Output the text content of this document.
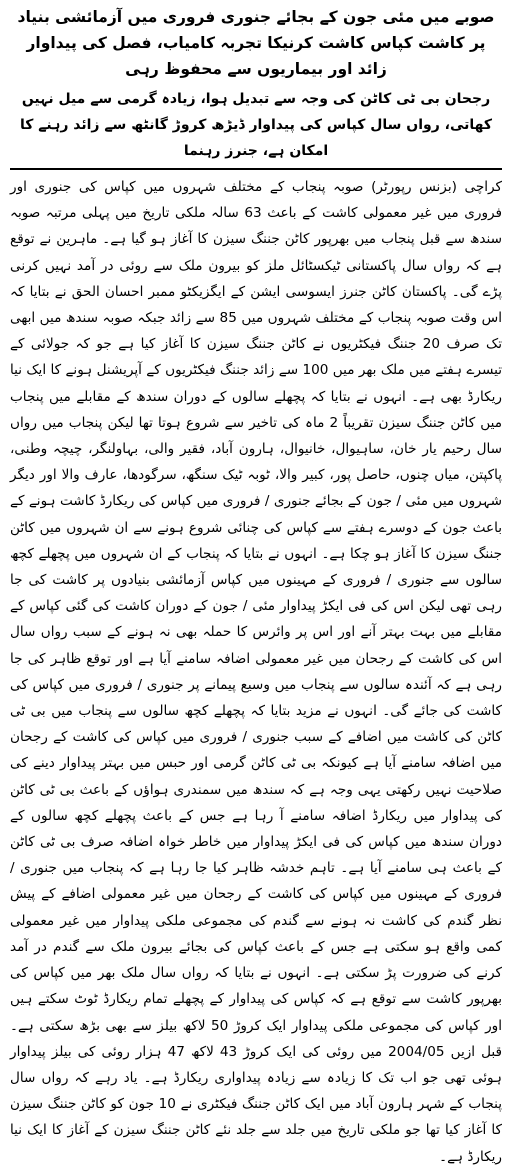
صوبے میں مئی جون کے بجائے جنوری فروری میں آزمائشی بنیاد پر کاشت کپاس کاشت کرنیکا تجربہ کامیاب، فصل کی پیداوار زائد اور بیماریوں سے محفوظ رہی
رجحان بی ٹی کاٹن کی وجہ سے تبدیل ہوا، زیادہ گرمی سے میل نہیں کھاتی، رواں سال کپاس کی پیداوار ڈیڑھ کروڑ گانٹھ سے زائد رہنے کا امکان ہے، جنرز رہنما

کراچی (بزنس رپورٹر) صوبہ پنجاب کے مختلف شہروں میں کپاس کی جنوری اور فروری میں غیر معمولی کاشت کے باعث 63 سالہ ملکی تاریخ میں پہلی مرتبہ صوبہ سندھ سے قبل پنجاب میں بھرپور کاٹن جننگ سیزن کا آغاز ہو گیا ہے۔ ماہرین نے توقع ہے کہ رواں سال پاکستانی ٹیکسٹائل ملز کو بیرون ملک سے روئی در آمد نہیں کرنی پڑے گی۔ پاکستان کاٹن جنرز ایسوسی ایشن کے ایگزیکٹو ممبر احسان الحق نے بتایا کہ اس وقت صوبہ پنجاب کے مختلف شہروں میں 85 سے زائد جبکہ صوبہ سندھ میں ابھی تک صرف 20 جننگ فیکٹریوں نے کاٹن جننگ سیزن کا آغاز کیا ہے جو کہ جولائی کے تیسرے ہفتے میں ملک بھر میں 100 سے زائد جننگ فیکٹریوں کے آپریشنل ہونے کا ایک نیا ریکارڈ بھی ہے۔ انہوں نے بتایا کہ پچھلے سالوں کے دوران سندھ کے مقابلے میں پنجاب میں کاٹن جننگ سیزن تقریباً 2 ماہ کی تاخیر سے شروع ہوتا تھا لیکن پنجاب میں رواں سال رحیم یار خان، ساہیوال، خانیوال، ہارون آباد، فقیر والی، بہاولنگر، چیچہ وطنی، پاکپتن، میاں چنوں، حاصل پور، کبیر والا، ٹوبہ ٹیک سنگھ، سرگودھا، عارف والا اور دیگر شہروں میں مئی / جون کے بجائے جنوری / فروری میں کپاس کی ریکارڈ کاشت ہونے کے باعث جون کے دوسرے ہفتے سے کپاس کی چنائی شروع ہونے سے ان شہروں میں کاٹن جننگ سیزن کا آغاز ہو چکا ہے۔ انہوں نے بتایا کہ پنجاب کے ان شہروں میں پچھلے کچھ سالوں سے جنوری / فروری کے مہینوں میں کپاس آزمائشی بنیادوں پر کاشت کی جا رہی تھی لیکن اس کی فی ایکڑ پیداوار مئی / جون کے دوران کاشت کی گئی کپاس کے مقابلے میں بہت بہتر آنے اور اس پر وائرس کا حملہ بھی نہ ہونے کے سبب رواں سال اس کی کاشت کے رجحان میں غیر معمولی اضافہ سامنے آیا ہے اور توقع ظاہر کی جا رہی ہے کہ آئندہ سالوں سے پنجاب میں وسیع پیمانے پر جنوری / فروری میں کپاس کی کاشت کی جائے گی۔ انہوں نے مزید بتایا کہ پچھلے کچھ سالوں سے پنجاب میں بی ٹی کاٹن کی کاشت میں اضافے کے سبب جنوری / فروری میں کپاس کی کاشت کے رجحان میں اضافہ سامنے آیا ہے کیونکہ بی ٹی کاٹن گرمی اور حبس میں بہتر پیداوار دینے کی صلاحیت نہیں رکھتی یہی وجہ ہے کہ سندھ میں سمندری ہواؤں کے باعث بی ٹی کاٹن کی پیداوار میں ریکارڈ اضافہ سامنے آ رہا ہے جس کے باعث پچھلے کچھ سالوں کے دوران سندھ میں کپاس کی فی ایکڑ پیداوار میں خاطر خواہ اضافہ صرف بی ٹی کاٹن کے باعث ہی سامنے آیا ہے۔ تاہم خدشہ ظاہر کیا جا رہا ہے کہ پنجاب میں جنوری / فروری کے مہینوں میں کپاس کی کاشت کے رجحان میں غیر معمولی اضافے کے پیش نظر گندم کی کاشت نہ ہونے سے گندم کی مجموعی ملکی پیداوار میں غیر معمولی کمی واقع ہو سکتی ہے جس کے باعث کپاس کی بجائے بیرون ملک سے گندم در آمد کرنے کی ضرورت پڑ سکتی ہے۔ انہوں نے بتایا کہ رواں سال ملک بھر میں کپاس کی بھرپور کاشت سے توقع ہے کہ کپاس کی پیداوار کے پچھلے تمام ریکارڈ ٹوٹ سکتے ہیں اور کپاس کی مجموعی ملکی پیداوار ایک کروڑ 50 لاکھ بیلز سے بھی بڑھ سکتی ہے۔ قبل ازیں 2004/05 میں روئی کی ایک کروڑ 43 لاکھ 47 ہزار روئی کی بیلز پیداوار ہوئی تھی جو اب تک کا زیادہ سے زیادہ پیداواری ریکارڈ ہے۔ یاد رہے کہ رواں سال پنجاب کے شہر ہارون آباد میں ایک کاٹن جننگ فیکٹری نے 10 جون کو کاٹن جننگ سیزن کا آغاز کیا تھا جو ملکی تاریخ میں جلد سے جلد نئے کاٹن جننگ سیزن کے آغاز کا ایک نیا ریکارڈ ہے۔
